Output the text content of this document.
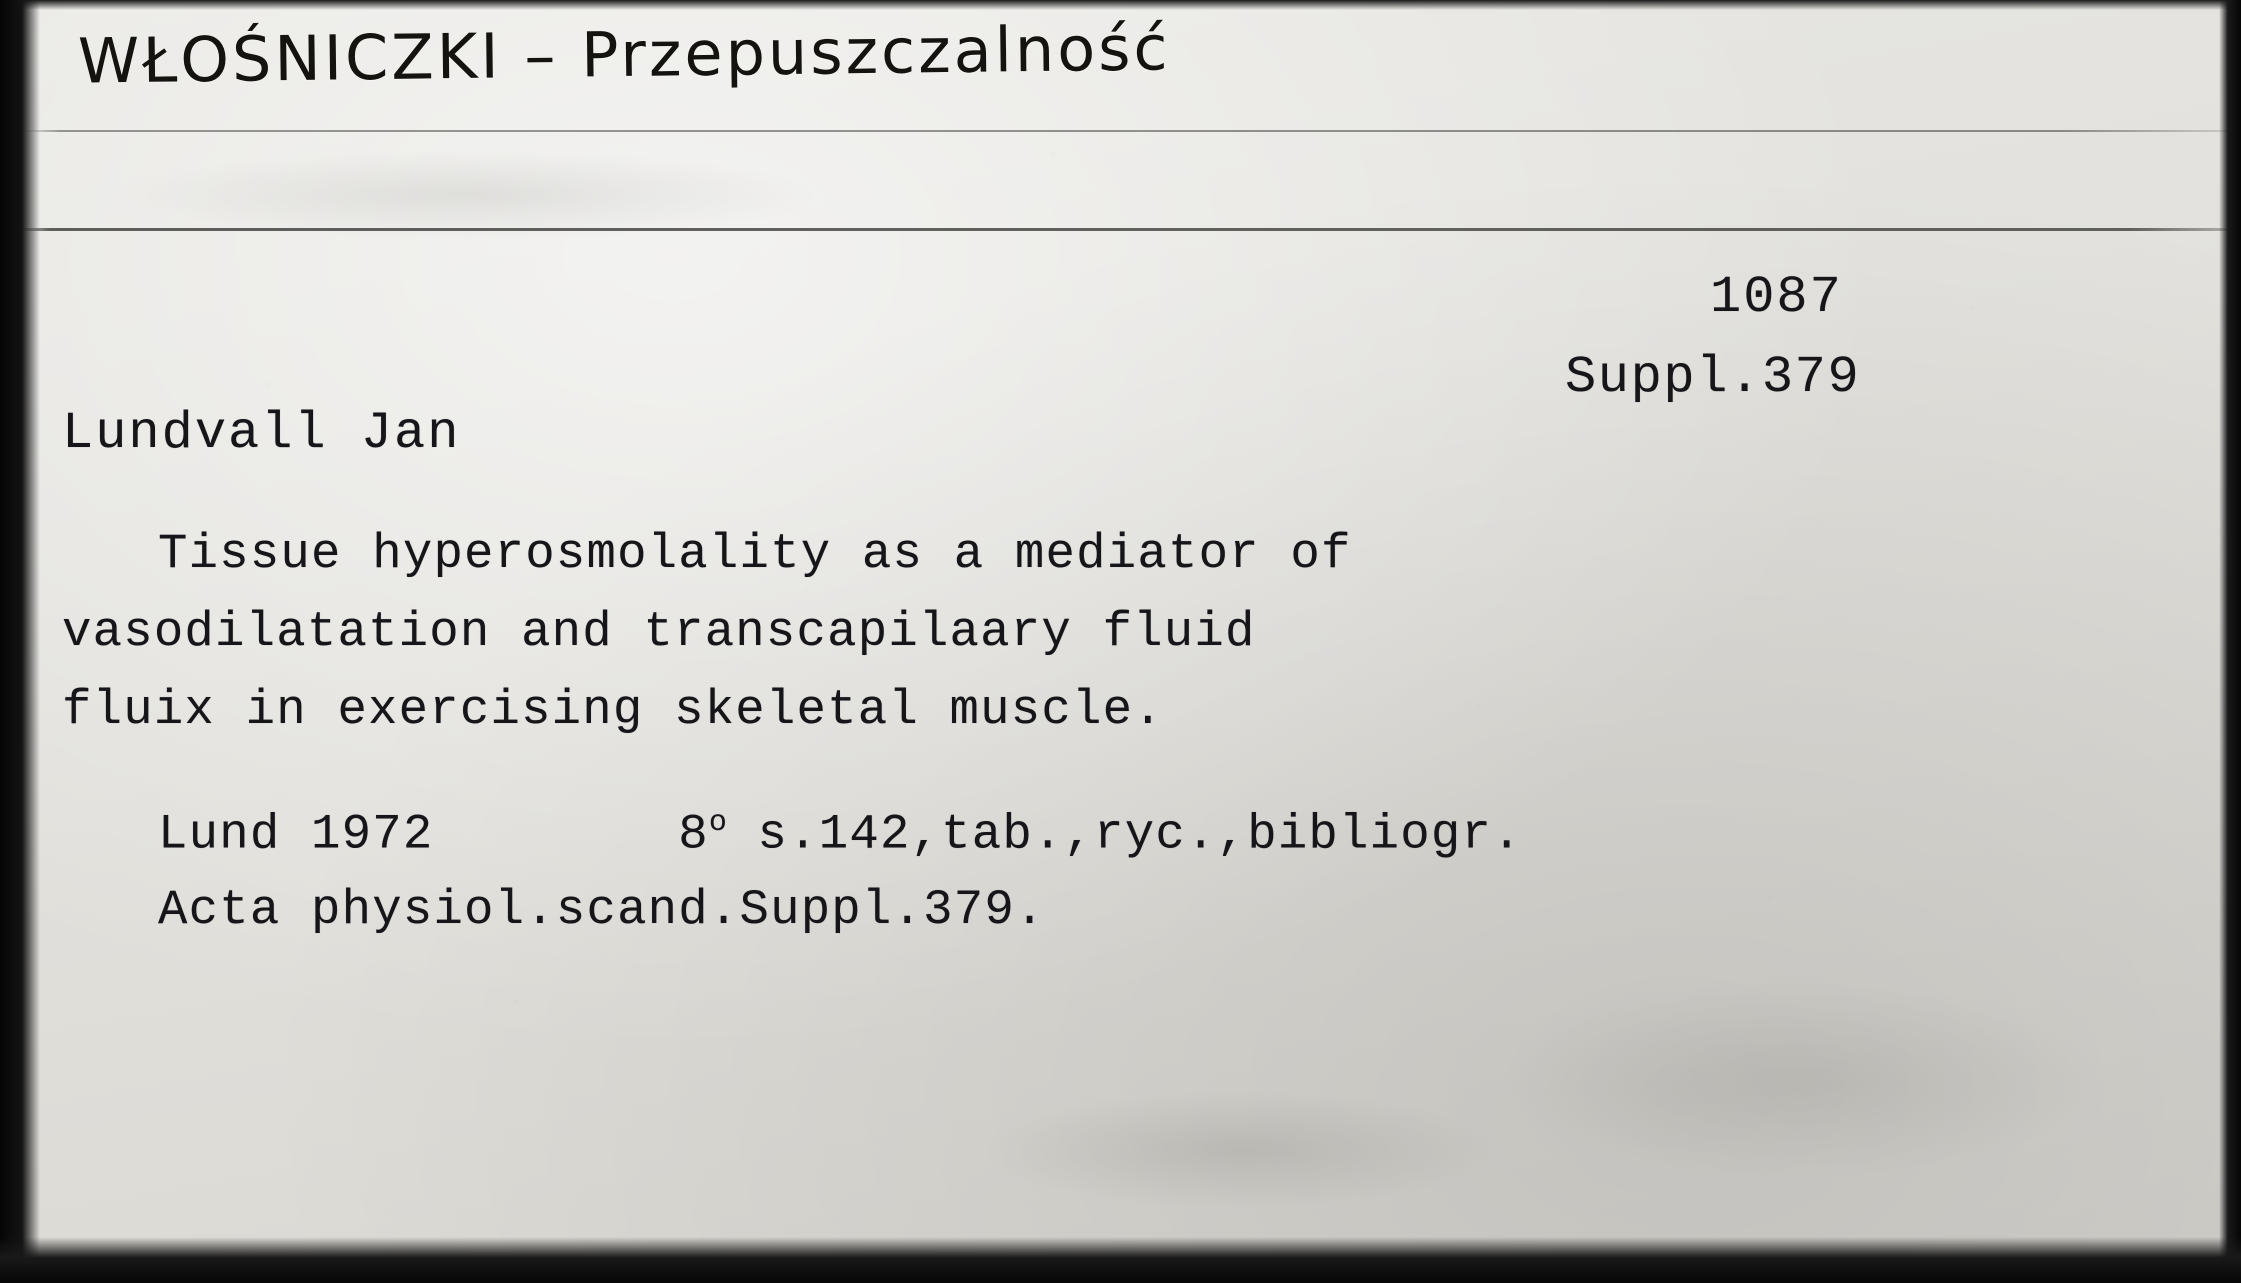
WŁOŚNICZKI – Przepuszczalność
1087
Suppl.379
Lundvall Jan
Tissue hyperosmolality as a mediator of
vasodilatation and transcapilaary fluid
fluix in exercising skeletal muscle.
Lund 1972	8$^o$ s.142,tab.,ryc.,bibliogr.
Acta physiol.scand.Suppl.379.
